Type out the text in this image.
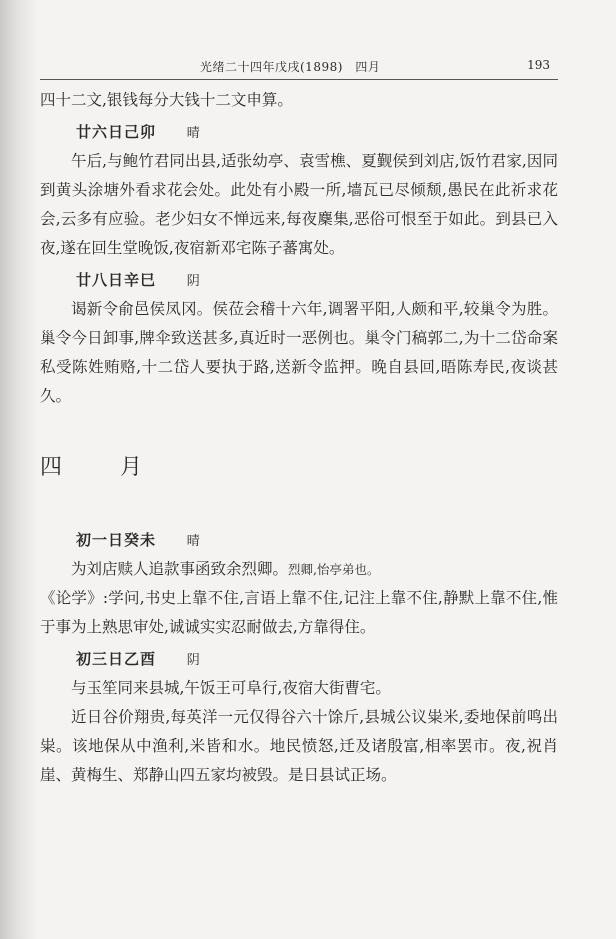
光绪二十四年戊戌(1898)　四月	193

四十二文,银钱每分大钱十二文申算。

廿六日己卯 晴

午后,与鲍竹君同出县,适张幼亭、袁雪樵、夏觐侯到刘店,饭竹君家,因同到黄头涂塘外看求花会处。此处有小殿一所,墙瓦已尽倾颓,愚民在此祈求花会,云多有应验。老少妇女不惮远来,每夜麇集,恶俗可恨至于如此。到县已入夜,遂在回生堂晚饭,夜宿新邓宅陈子蕃寓处。

廿八日辛巳 阴

谒新令俞邑侯凤冈。侯莅会稽十六年,调署平阳,人颇和平,较巢令为胜。巢令今日卸事,牌伞致送甚多,真近时一恶例也。巢令门稿郭二,为十二岱命案私受陈姓贿赂,十二岱人要执于路,送新令监押。晚自县回,晤陈寿民,夜谈甚久。

四　月
初一日癸未 晴

为刘店赎人追款事函致余烈卿。烈卿,怡亭弟也。

《论学》:学问,书史上靠不住,言语上靠不住,记注上靠不住,静默上靠不住,惟于事为上熟思审处,诚诚实实忍耐做去,方靠得住。

初三日乙酉 阴

与玉笙同来县城,午饭王可阜行,夜宿大街曹宅。

近日谷价翔贵,每英洋一元仅得谷六十馀斤,县城公议粜米,委地保前鸣出粜。该地保从中渔利,米皆和水。地民愤怒,迁及诸殷富,相率罢市。夜,祝肖崖、黄梅生、郑静山四五家均被毁。是日县试正场。
